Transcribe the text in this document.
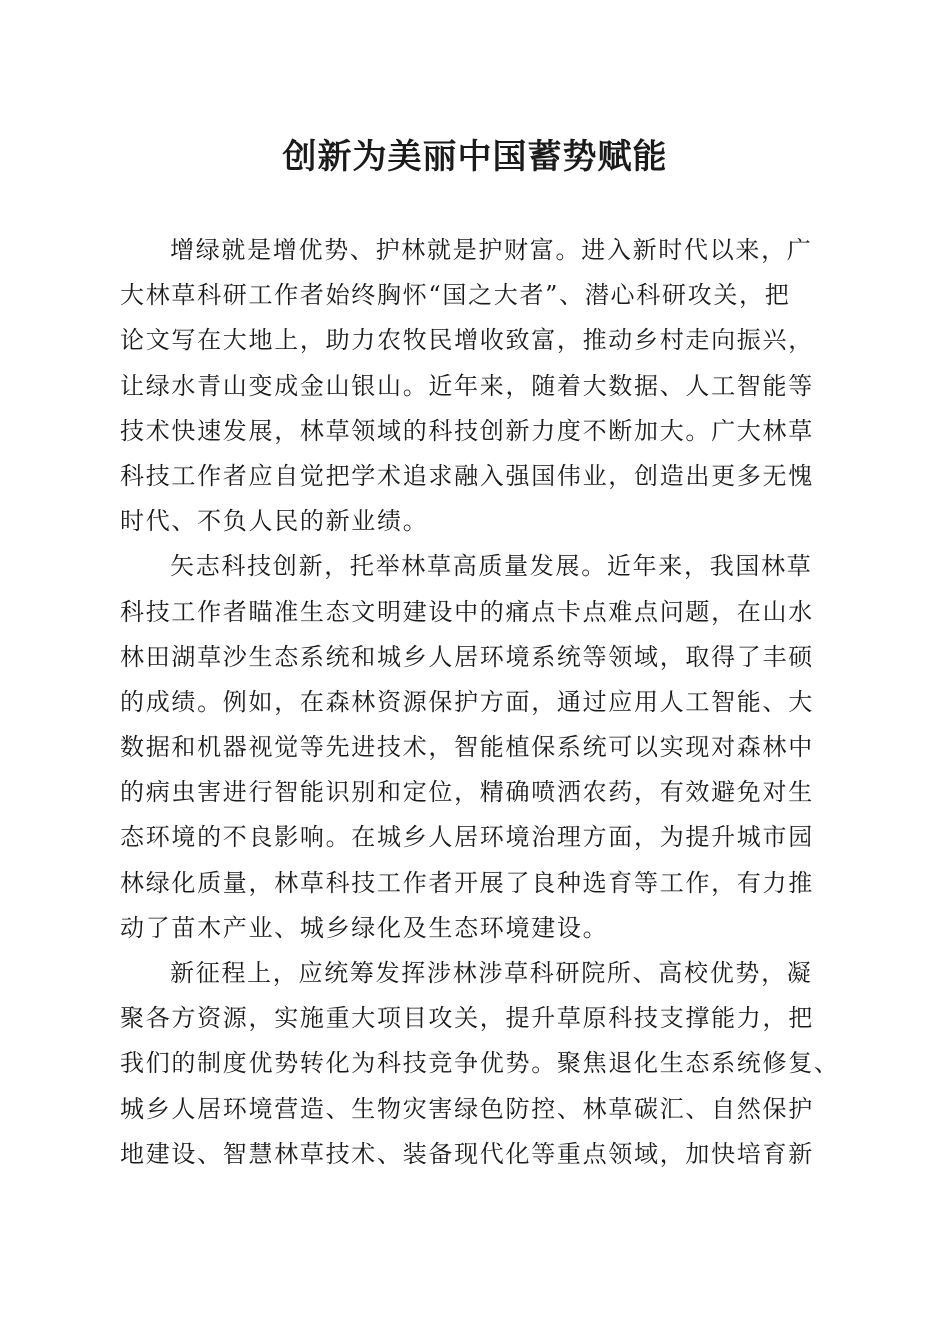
创新为美丽中国蓄势赋能
增绿就是增优势、护林就是护财富。进入新时代以来，广
大林草科研工作者始终胸怀“国之大者”、潜心科研攻关，把
论文写在大地上，助力农牧民增收致富，推动乡村走向振兴，
让绿水青山变成金山银山。近年来，随着大数据、人工智能等
技术快速发展，林草领域的科技创新力度不断加大。广大林草
科技工作者应自觉把学术追求融入强国伟业，创造出更多无愧
时代、不负人民的新业绩。
矢志科技创新，托举林草高质量发展。近年来，我国林草
科技工作者瞄准生态文明建设中的痛点卡点难点问题，在山水
林田湖草沙生态系统和城乡人居环境系统等领域，取得了丰硕
的成绩。例如，在森林资源保护方面，通过应用人工智能、大
数据和机器视觉等先进技术，智能植保系统可以实现对森林中
的病虫害进行智能识别和定位，精确喷洒农药，有效避免对生
态环境的不良影响。在城乡人居环境治理方面，为提升城市园
林绿化质量，林草科技工作者开展了良种选育等工作，有力推
动了苗木产业、城乡绿化及生态环境建设。
新征程上，应统筹发挥涉林涉草科研院所、高校优势，凝
聚各方资源，实施重大项目攻关，提升草原科技支撑能力，把
我们的制度优势转化为科技竞争优势。聚焦退化生态系统修复、
城乡人居环境营造、生物灾害绿色防控、林草碳汇、自然保护
地建设、智慧林草技术、装备现代化等重点领域，加快培育新
